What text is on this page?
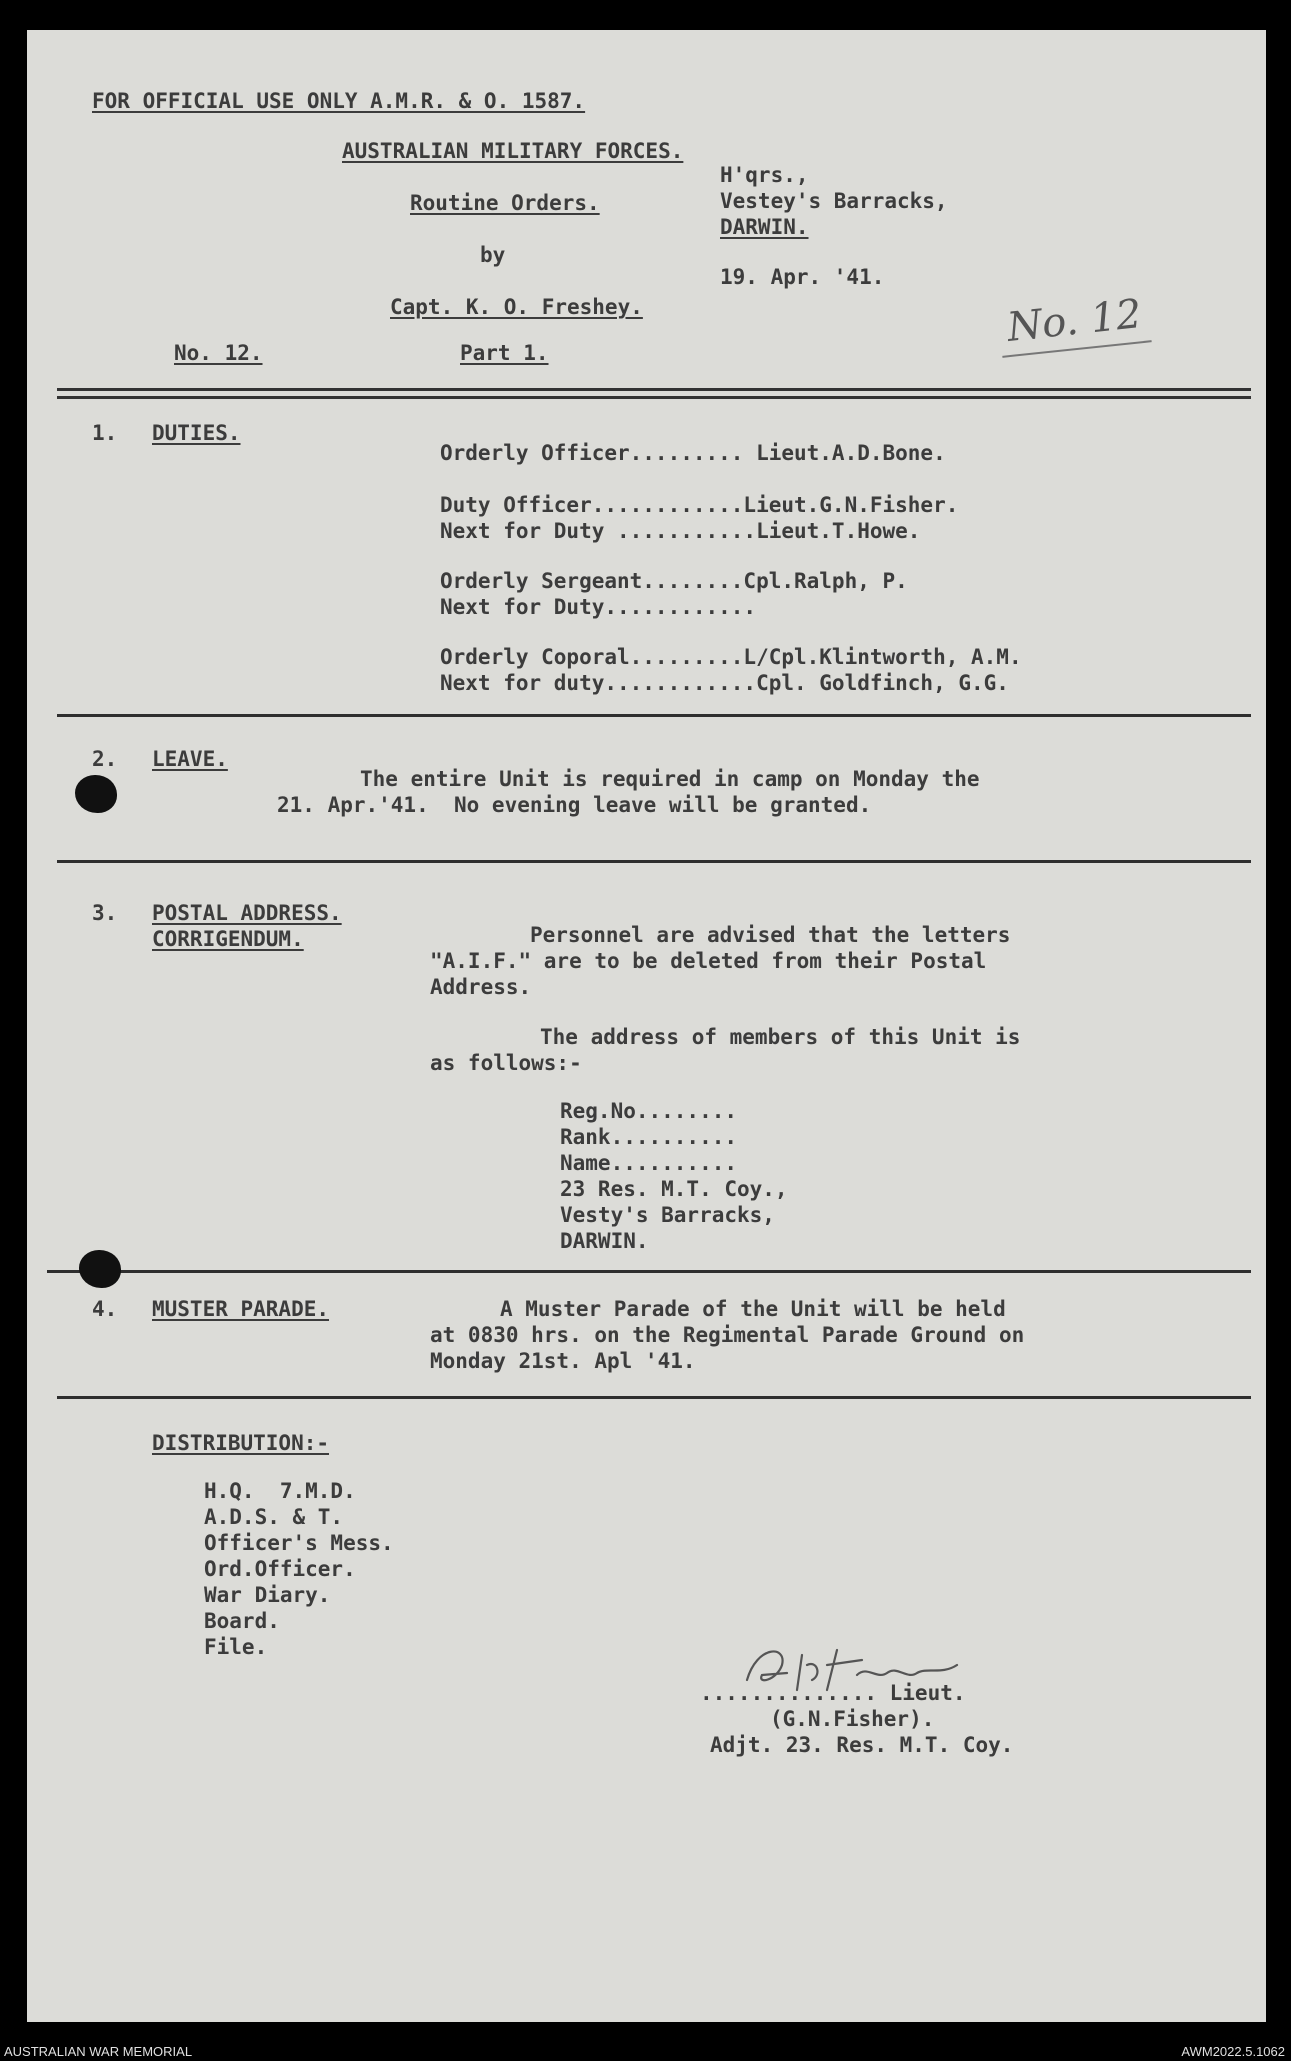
FOR OFFICIAL USE ONLY A.M.R. & O. 1587.
AUSTRALIAN MILITARY FORCES.
Routine Orders.
by
Capt. K. O. Freshey.
No. 12.	Part 1.
H'qrs.,
Vestey's Barracks,
DARWIN.
19. Apr. '41.
No. 12
1. DUTIES.
Orderly Officer......... Lieut.A.D.Bone.
Duty Officer............Lieut.G.N.Fisher.
Next for Duty ...........Lieut.T.Howe.
Orderly Sergeant........Cpl.Ralph, P.
Next for Duty............
Orderly Coporal.........L/Cpl.Klintworth, A.M.
Next for duty............Cpl. Goldfinch, G.G.
2. LEAVE.
The entire Unit is required in camp on Monday the
21. Apr.'41.  No evening leave will be granted.
3. POSTAL ADDRESS.
CORRIGENDUM.	Personnel are advised that the letters
"A.I.F." are to be deleted from their Postal
Address.
The address of members of this Unit is
as follows:-
Reg.No........
Rank..........
Name..........
23 Res. M.T. Coy.,
Vesty's Barracks,
DARWIN.
4. MUSTER PARADE.	A Muster Parade of the Unit will be held
at 0830 hrs. on the Regimental Parade Ground on
Monday 21st. Apl '41.
DISTRIBUTION:-
H.Q.  7.M.D.
A.D.S. & T.
Officer's Mess.
Ord.Officer.
War Diary.
Board.
File.
.............. Lieut.
(G.N.Fisher).
Adjt. 23. Res. M.T. Coy.
AUSTRALIAN WAR MEMORIAL	AWM2022.5.1062
